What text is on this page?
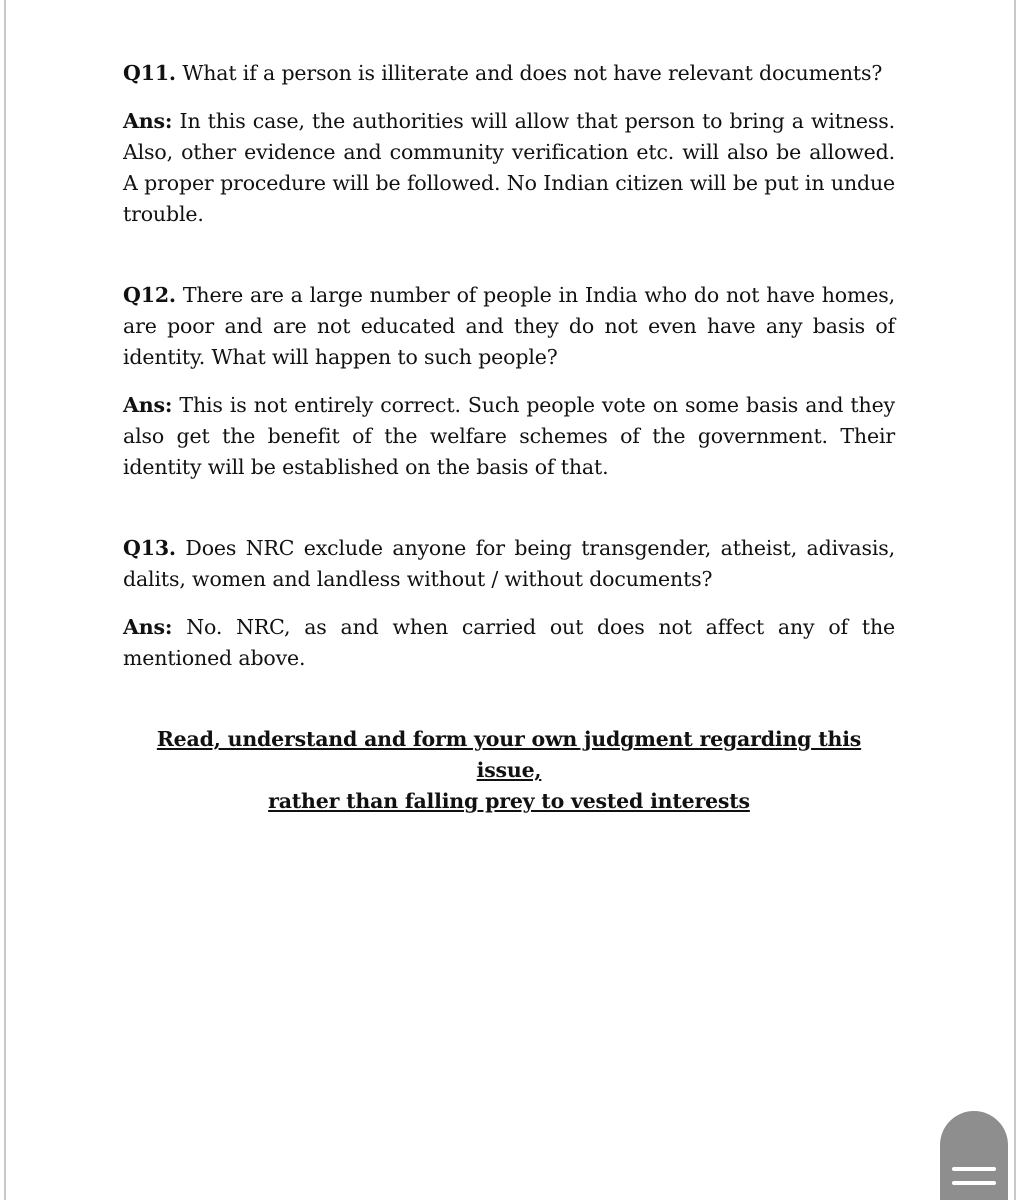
Q11. What if a person is illiterate and does not have relevant documents?

Ans: In this case, the authorities will allow that person to bring a witness. Also, other evidence and community verification etc. will also be allowed. A proper procedure will be followed. No Indian citizen will be put in undue trouble.

Q12. There are a large number of people in India who do not have homes, are poor and are not educated and they do not even have any basis of identity. What will happen to such people?

Ans: This is not entirely correct. Such people vote on some basis and they also get the benefit of the welfare schemes of the government. Their identity will be established on the basis of that.

Q13. Does NRC exclude anyone for being transgender, atheist, adivasis, dalits, women and landless without / without documents?

Ans: No. NRC, as and when carried out does not affect any of the mentioned above.

Read, understand and form your own judgment regarding this issue,
rather than falling prey to vested interests
